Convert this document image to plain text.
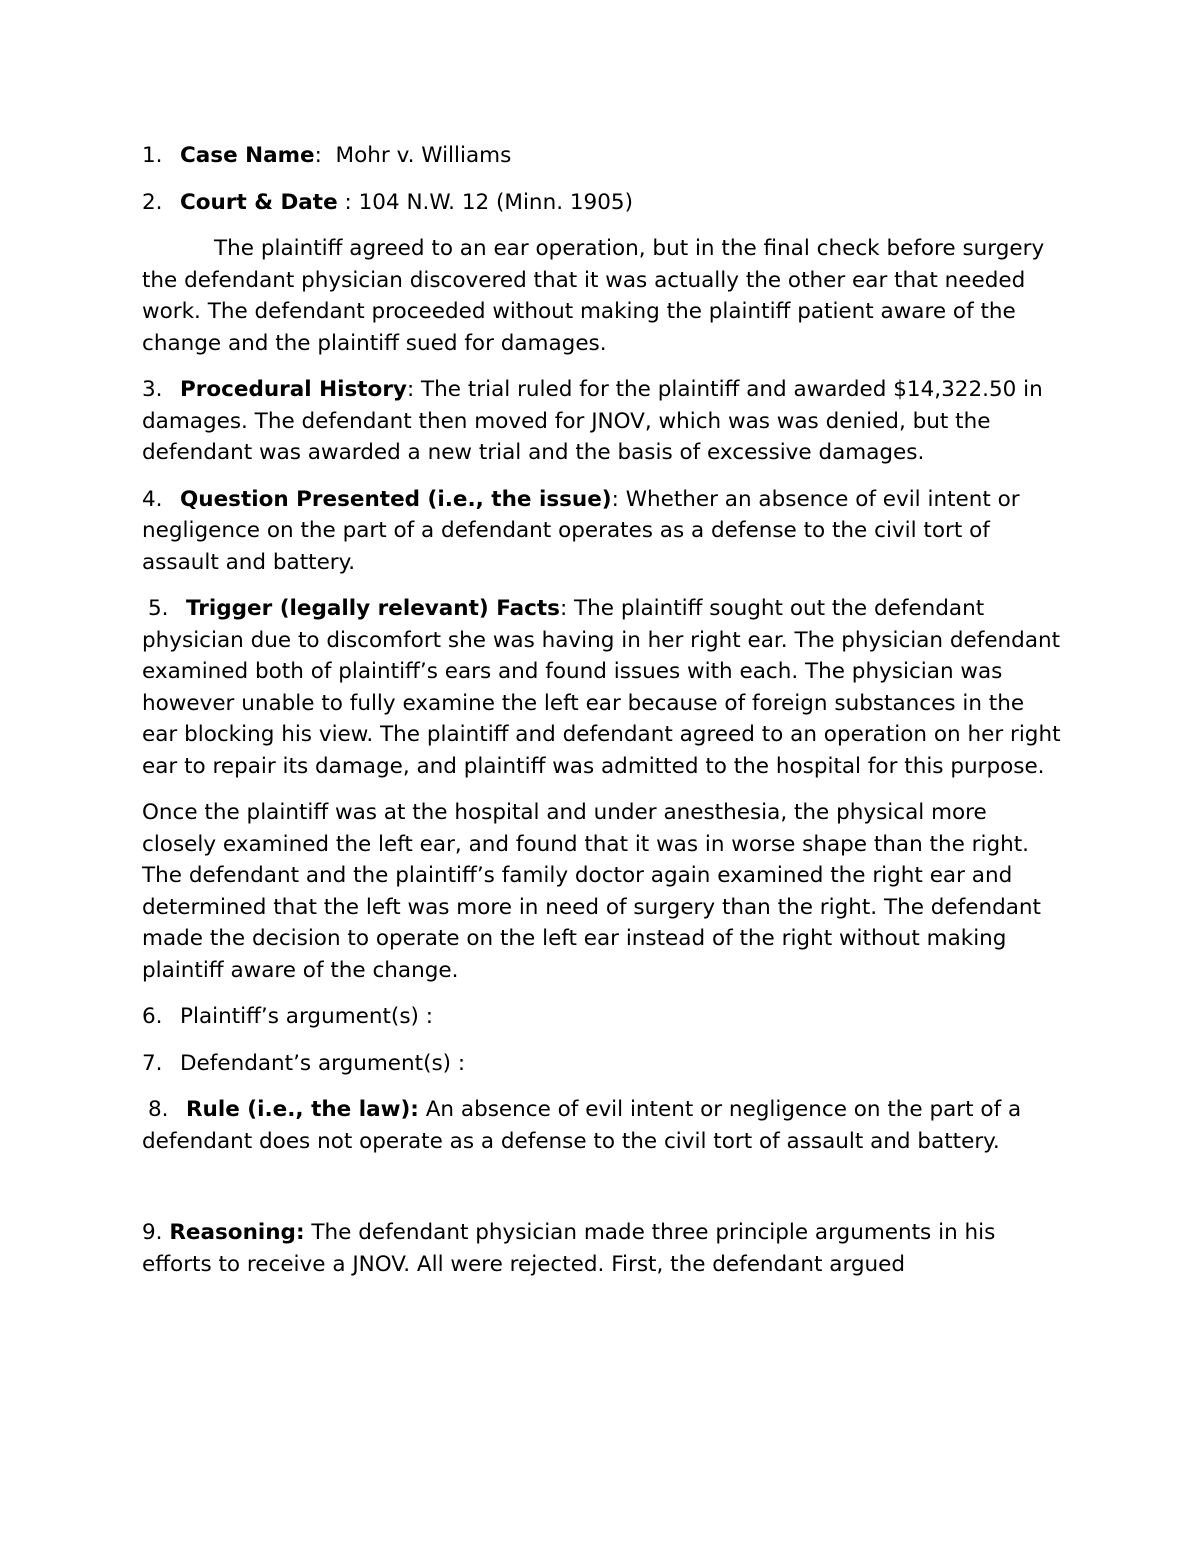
1. Case Name:  Mohr v. Williams

2. Court & Date : 104 N.W. 12 (Minn. 1905)

The plaintiff agreed to an ear operation, but in the final check before surgery the defendant physician discovered that it was actually the other ear that needed work. The defendant proceeded without making the plaintiff patient aware of the change and the plaintiff sued for damages.

3. Procedural History: The trial ruled for the plaintiff and awarded $14,322.50 in damages. The defendant then moved for JNOV, which was was denied, but the defendant was awarded a new trial and the basis of excessive damages.

4. Question Presented (i.e., the issue): Whether an absence of evil intent or negligence on the part of a defendant operates as a defense to the civil tort of assault and battery.

5. Trigger (legally relevant) Facts: The plaintiff sought out the defendant physician due to discomfort she was having in her right ear. The physician defendant examined both of plaintiff’s ears and found issues with each. The physician was however unable to fully examine the left ear because of foreign substances in the ear blocking his view. The plaintiff and defendant agreed to an operation on her right ear to repair its damage, and plaintiff was admitted to the hospital for this purpose.

Once the plaintiff was at the hospital and under anesthesia, the physical more closely examined the left ear, and found that it was in worse shape than the right. The defendant and the plaintiff’s family doctor again examined the right ear and determined that the left was more in need of surgery than the right. The defendant made the decision to operate on the left ear instead of the right without making plaintiff aware of the change.

6. Plaintiff’s argument(s) :

7. Defendant’s argument(s) :

8. Rule (i.e., the law): An absence of evil intent or negligence on the part of a defendant does not operate as a defense to the civil tort of assault and battery.

9. Reasoning: The defendant physician made three principle arguments in his efforts to receive a JNOV. All were rejected. First, the defendant argued
